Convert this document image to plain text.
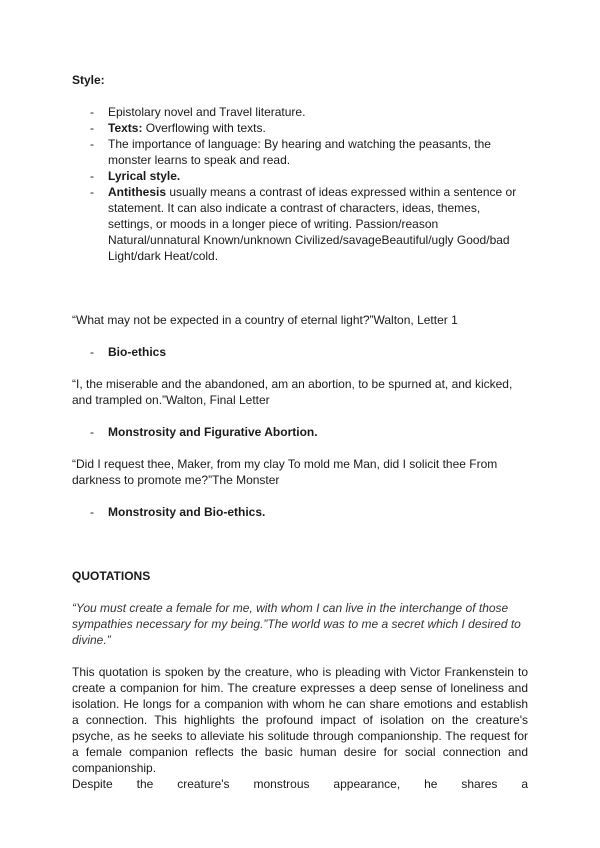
Style:
- Epistolary novel and Travel literature.
- Texts: Overflowing with texts.
- The importance of language: By hearing and watching the peasants, the monster learns to speak and read.
- Lyrical style.
- Antithesis usually means a contrast of ideas expressed within a sentence or statement. It can also indicate a contrast of characters, ideas, themes, settings, or moods in a longer piece of writing. Passion/reason Natural/unnatural Known/unknown Civilized/savageBeautiful/ugly Good/bad Light/dark Heat/cold.

“What may not be expected in a country of eternal light?”Walton, Letter 1

- Bio-ethics

“I, the miserable and the abandoned, am an abortion, to be spurned at, and kicked, and trampled on.”Walton, Final Letter

- Monstrosity and Figurative Abortion.

“Did I request thee, Maker, from my clay To mold me Man, did I solicit thee From darkness to promote me?”The Monster

- Monstrosity and Bio-ethics.
QUOTATIONS

“You must create a female for me, with whom I can live in the interchange of those sympathies necessary for my being.”The world was to me a secret which I desired to divine.”

This quotation is spoken by the creature, who is pleading with Victor Frankenstein to create a companion for him. The creature expresses a deep sense of loneliness and isolation. He longs for a companion with whom he can share emotions and establish a connection. This highlights the profound impact of isolation on the creature's psyche, as he seeks to alleviate his solitude through companionship. The request for a female companion reflects the basic human desire for social connection and companionship.
Despite the creature's monstrous appearance, he shares a
